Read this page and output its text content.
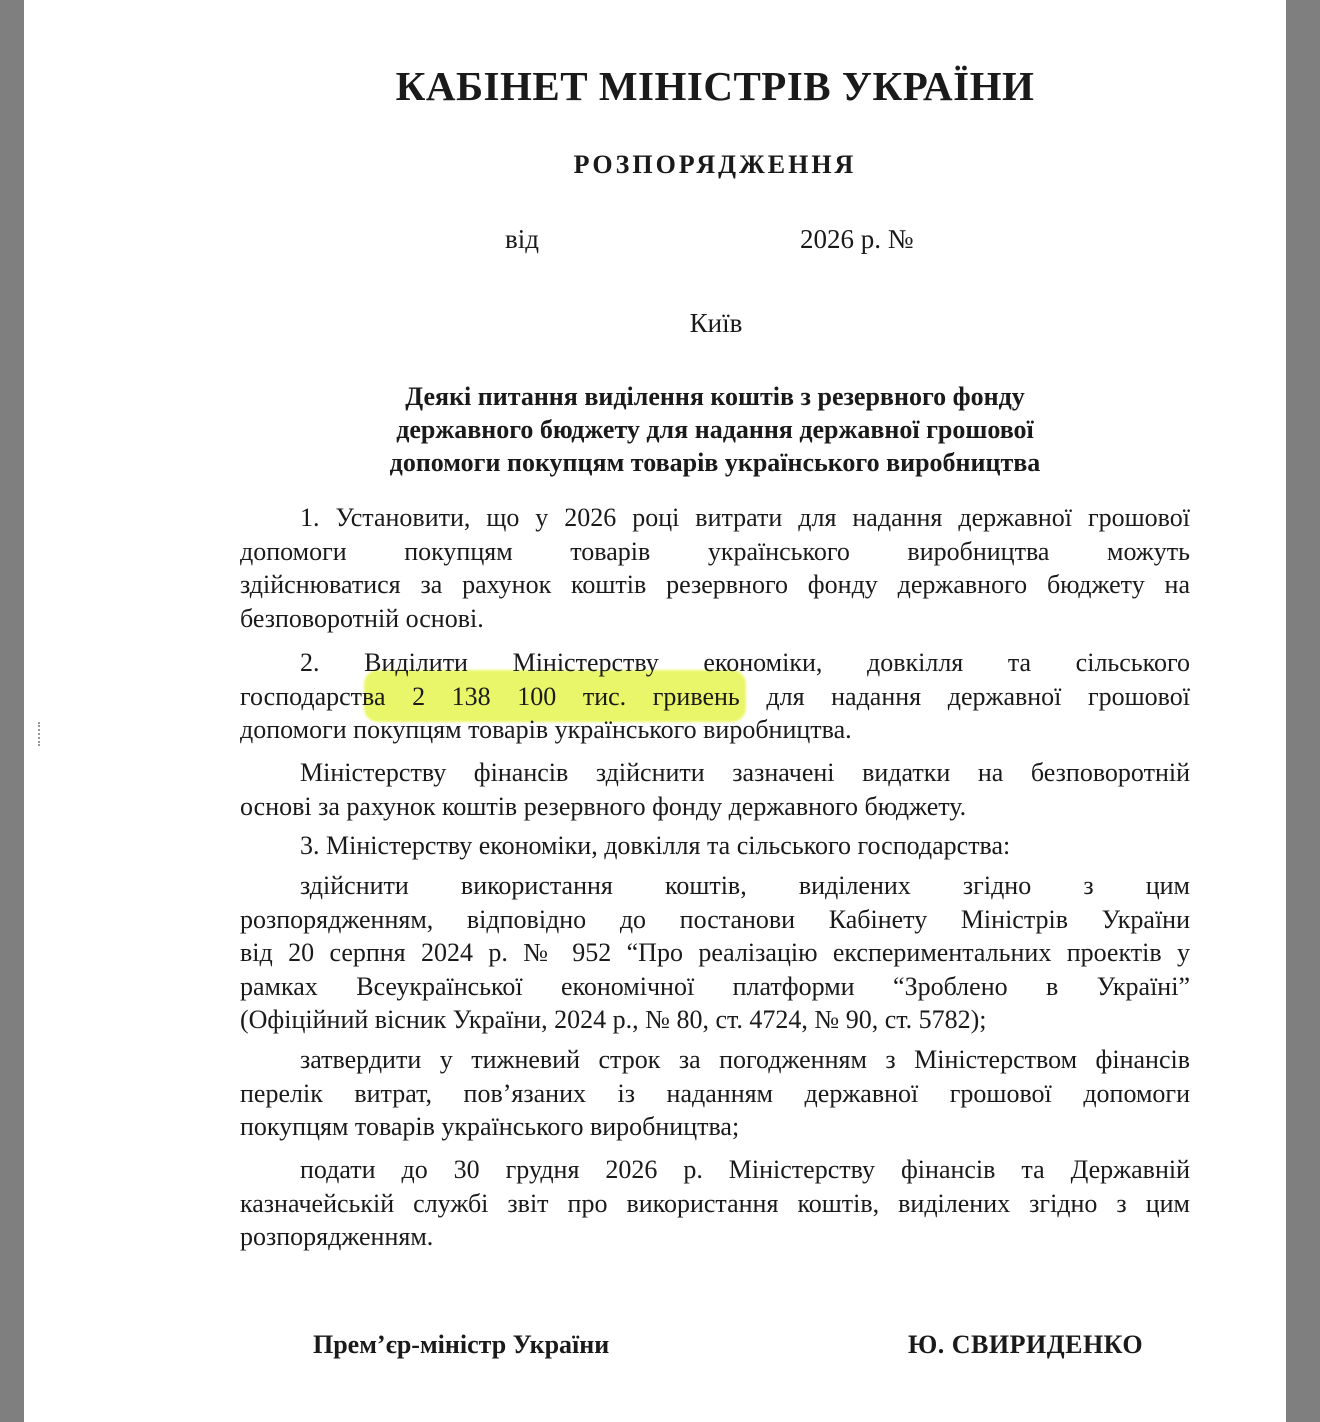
КАБІНЕТ МІНІСТРІВ УКРАЇНИ
РОЗПОРЯДЖЕННЯ
від	2026 р. №
Київ
Деякі питання виділення коштів з резервного фонду
державного бюджету для надання державної грошової
допомоги покупцям товарів українського виробництва
1. Установити, що у 2026 році витрати для надання державної грошової
допомоги покупцям товарів українського виробництва можуть
здійснюватися за рахунок коштів резервного фонду державного бюджету на
безповоротній основі.
2. Виділити Міністерству економіки, довкілля та сільського
господарства 2 138 100 тис. гривень для надання державної грошової
допомоги покупцям товарів українського виробництва.
Міністерству фінансів здійснити зазначені видатки на безповоротній
основі за рахунок коштів резервного фонду державного бюджету.
3. Міністерству економіки, довкілля та сільського господарства:
здійснити використання коштів, виділених згідно з цим
розпорядженням, відповідно до постанови Кабінету Міністрів України
від 20 серпня 2024 р. № 952 “Про реалізацію експериментальних проектів у
рамках Всеукраїнської економічної платформи “Зроблено в Україні”
(Офіційний вісник України, 2024 р., № 80, ст. 4724, № 90, ст. 5782);
затвердити у тижневий строк за погодженням з Міністерством фінансів
перелік витрат, пов’язаних із наданням державної грошової допомоги
покупцям товарів українського виробництва;
подати до 30 грудня 2026 р. Міністерству фінансів та Державній
казначейській службі звіт про використання коштів, виділених згідно з цим
розпорядженням.
Прем’єр-міністр України	Ю. СВИРИДЕНКО
